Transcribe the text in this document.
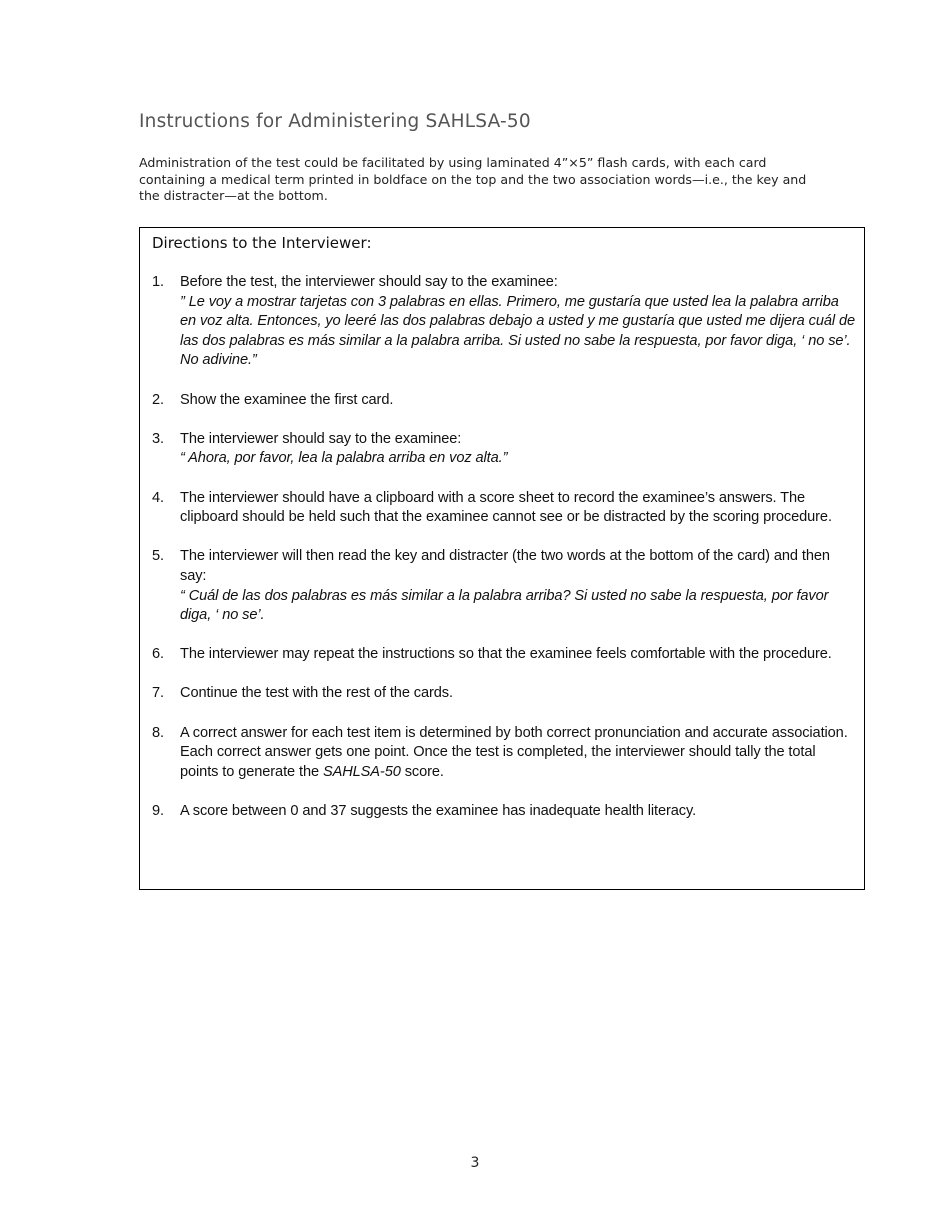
Instructions for Administering SAHLSA-50

Administration of the test could be facilitated by using laminated 4”×5” flash cards, with each card containing a medical term printed in boldface on the top and the two association words—i.e., the key and the distracter—at the bottom.

Directions to the Interviewer:
1. Before the test, the interviewer should say to the examinee:
” Le voy a mostrar tarjetas con 3 palabras en ellas. Primero, me gustaría que usted lea la palabra arriba en voz alta. Entonces, yo leeré las dos palabras debajo a usted y me gustaría que usted me dijera cuál de las dos palabras es más similar a la palabra arriba. Si usted no sabe la respuesta, por favor diga, ‘ no se’. No adivine.”
2. Show the examinee the first card.
3. The interviewer should say to the examinee:
“ Ahora, por favor, lea la palabra arriba en voz alta.”
4. The interviewer should have a clipboard with a score sheet to record the examinee’s answers. The clipboard should be held such that the examinee cannot see or be distracted by the scoring procedure.
5. The interviewer will then read the key and distracter (the two words at the bottom of the card) and then say:
“ Cuál de las dos palabras es más similar a la palabra arriba? Si usted no sabe la respuesta, por favor diga, ‘ no se’.
6. The interviewer may repeat the instructions so that the examinee feels comfortable with the procedure.
7. Continue the test with the rest of the cards.
8. A correct answer for each test item is determined by both correct pronunciation and accurate association. Each correct answer gets one point. Once the test is completed, the interviewer should tally the total points to generate the SAHLSA-50 score.
9. A score between 0 and 37 suggests the examinee has inadequate health literacy.
3
